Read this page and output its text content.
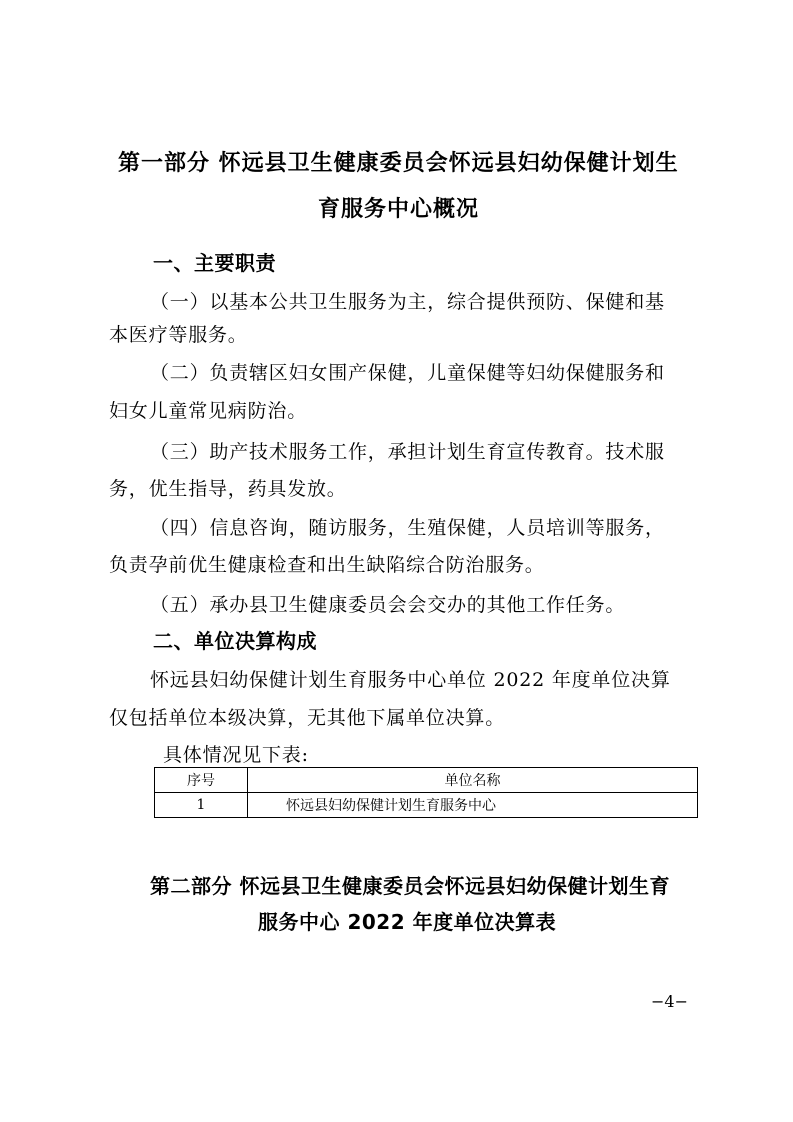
第一部分 怀远县卫生健康委员会怀远县妇幼保健计划生
育服务中心概况
一、主要职责
（一）以基本公共卫生服务为主，综合提供预防、保健和基
本医疗等服务。
（二）负责辖区妇女围产保健，儿童保健等妇幼保健服务和
妇女儿童常见病防治。
（三）助产技术服务工作，承担计划生育宣传教育。技术服
务，优生指导，药具发放。
（四）信息咨询，随访服务，生殖保健，人员培训等服务，
负责孕前优生健康检查和出生缺陷综合防治服务。
（五）承办县卫生健康委员会会交办的其他工作任务。
二、单位决算构成
怀远县妇幼保健计划生育服务中心单位 2022 年度单位决算
仅包括单位本级决算，无其他下属单位决算。
具体情况见下表:
序号	单位名称
1	怀远县妇幼保健计划生育服务中心
第二部分 怀远县卫生健康委员会怀远县妇幼保健计划生育
服务中心 2022 年度单位决算表
−4−
